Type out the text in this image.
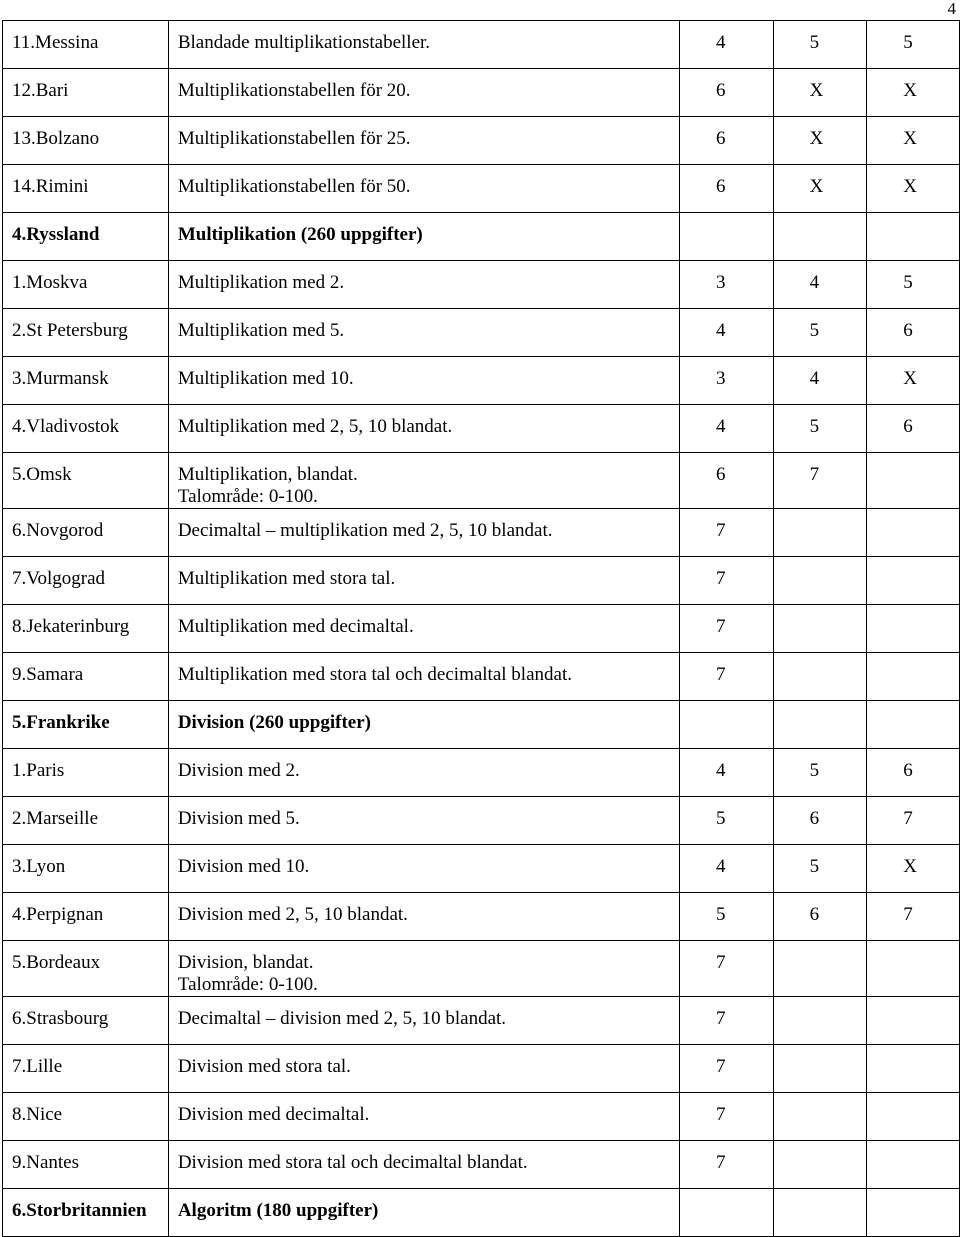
4
11.Messina	Blandade multiplikationstabeller.	4	5	5
12.Bari	Multiplikationstabellen för 20.	6	X	X
13.Bolzano	Multiplikationstabellen för 25.	6	X	X
14.Rimini	Multiplikationstabellen för 50.	6	X	X
4.Ryssland	Multiplikation (260 uppgifter)			

1.Moskva	Multiplikation med 2.	3	4	5
2.St Petersburg	Multiplikation med 5.	4	5	6
3.Murmansk	Multiplikation med 10.	3	4	X
4.Vladivostok	Multiplikation med 2, 5, 10 blandat.	4	5	6
5.Omsk	Multiplikation, blandat.
Talområde: 0-100.	6	7	
6.Novgorod	Decimaltal – multiplikation med 2, 5, 10 blandat.	7		
7.Volgograd	Multiplikation med stora tal.	7		
8.Jekaterinburg	Multiplikation med decimaltal.	7		
9.Samara	Multiplikation med stora tal och decimaltal blandat.	7		
5.Frankrike	Division (260 uppgifter)			

1.Paris	Division med 2.	4	5	6
2.Marseille	Division med 5.	5	6	7
3.Lyon	Division med 10.	4	5	X
4.Perpignan	Division med 2, 5, 10 blandat.	5	6	7
5.Bordeaux	Division, blandat.
Talområde: 0-100.	7		
6.Strasbourg	Decimaltal – division med 2, 5, 10 blandat.	7		
7.Lille	Division med stora tal.	7		
8.Nice	Division med decimaltal.	7		
9.Nantes	Division med stora tal och decimaltal blandat.	7		
6.Storbritannien	Algoritm (180 uppgifter)			
